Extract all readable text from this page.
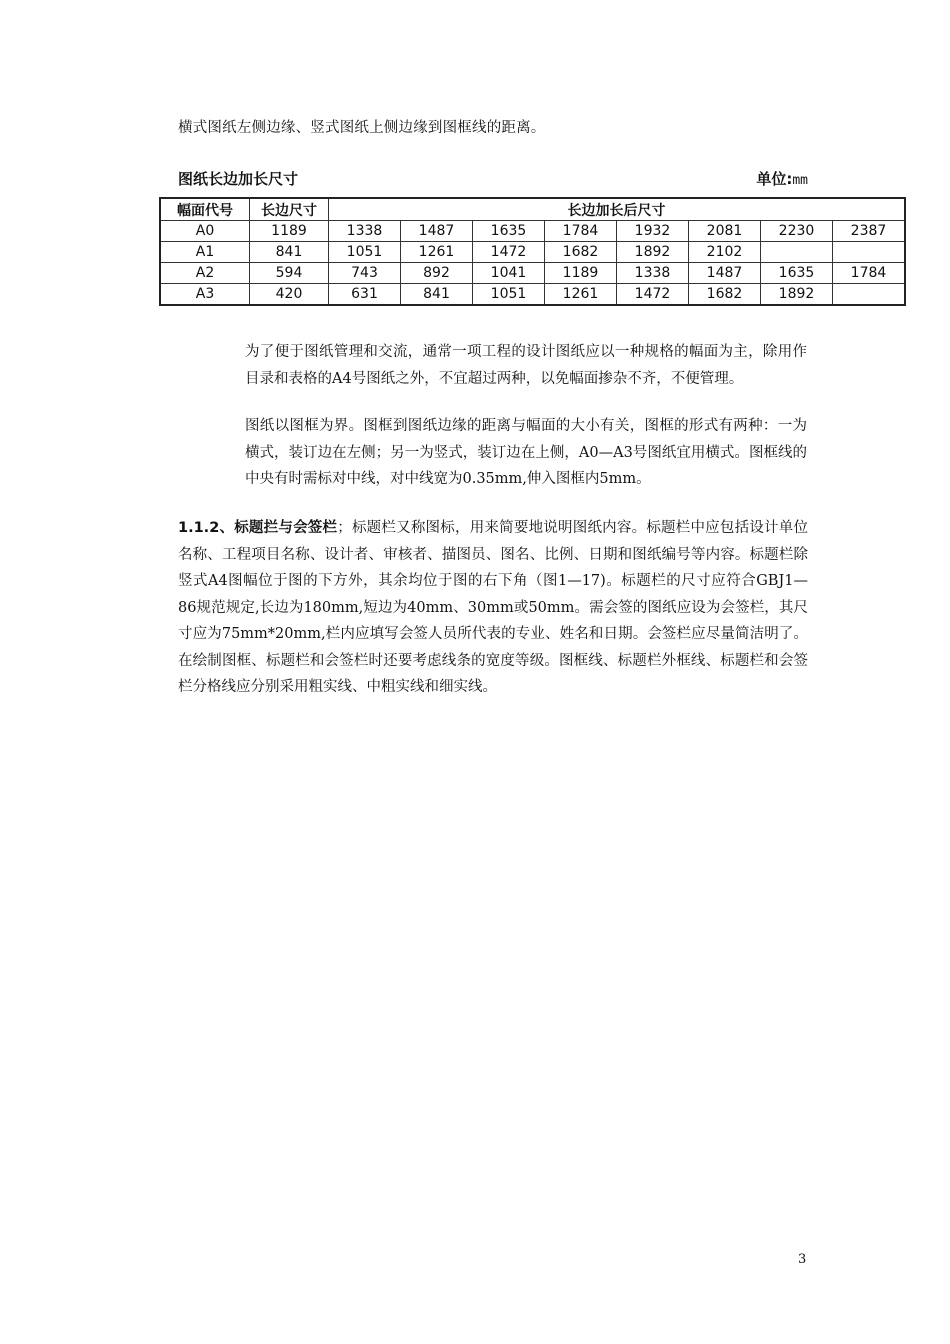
横式图纸左侧边缘、竖式图纸上侧边缘到图框线的距离。
图纸长边加长尺寸	单位:mm
幅面代号	长边尺寸	长边加长后尺寸							
A0	1189	1338	1487	1635	1784	1932	2081	2230	2387
A1	841	1051	1261	1472	1682	1892	2102		
A2	594	743	892	1041	1189	1338	1487	1635	1784
A3	420	631	841	1051	1261	1472	1682	1892	
为了便于图纸管理和交流，通常一项工程的设计图纸应以一种规格的幅面为主，除用作目录和表格的A4号图纸之外，不宜超过两种，以免幅面掺杂不齐，不便管理。
图纸以图框为界。图框到图纸边缘的距离与幅面的大小有关，图框的形式有两种：一为横式，装订边在左侧；另一为竖式，装订边在上侧，A0—A3号图纸宜用横式。图框线的中央有时需标对中线，对中线宽为0.35mm,伸入图框内5mm。
1.1.2、标题拦与会签栏；标题栏又称图标，用来简要地说明图纸内容。标题栏中应包括设计单位名称、工程项目名称、设计者、审核者、描图员、图名、比例、日期和图纸编号等内容。标题栏除竖式A4图幅位于图的下方外，其余均位于图的右下角（图1—17)。标题栏的尺寸应符合GBJ1—86规范规定,长边为180mm,短边为40mm、30mm或50mm。需会签的图纸应设为会签栏，其尺寸应为75mm*20mm,栏内应填写会签人员所代表的专业、姓名和日期。会签栏应尽量简洁明了。在绘制图框、标题栏和会签栏时还要考虑线条的宽度等级。图框线、标题栏外框线、标题栏和会签栏分格线应分别采用粗实线、中粗实线和细实线。
3
